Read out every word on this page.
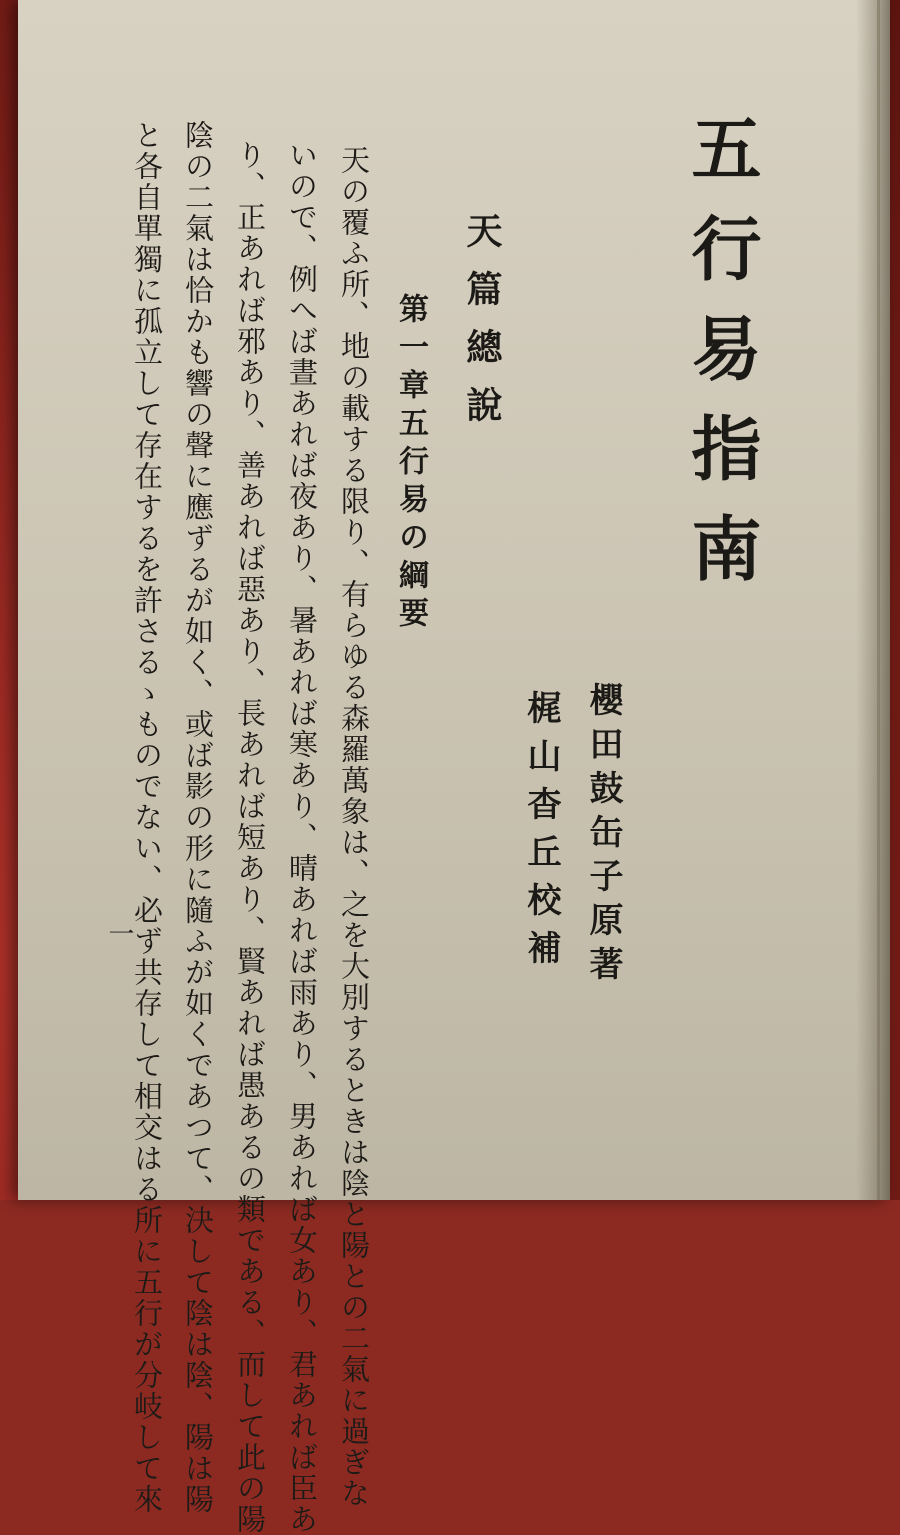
五行易指南
櫻田鼓缶子原著
梶山杳丘校補
天篇總說
第一章五行易の綱要
天の覆ふ所、地の載する限り、有らゆる森羅萬象は、之を大別するときは陰と陽との二氣に過ぎな
いので、例へば晝あれば夜あり、暑あれば寒あり、晴あれば雨あり、男あれば女あり、君あれば臣あ
り、正あれば邪あり、善あれば惡あり、長あれば短あり、賢あれば愚あるの類である、而して此の陽
陰の二氣は恰かも響の聲に應ずるが如く、或ば影の形に隨ふが如くであつて、決して陰は陰、陽は陽
と各自單獨に孤立して存在するを許さるゝものでない、必ず共存して相交はる所に五行が分岐して來
一
